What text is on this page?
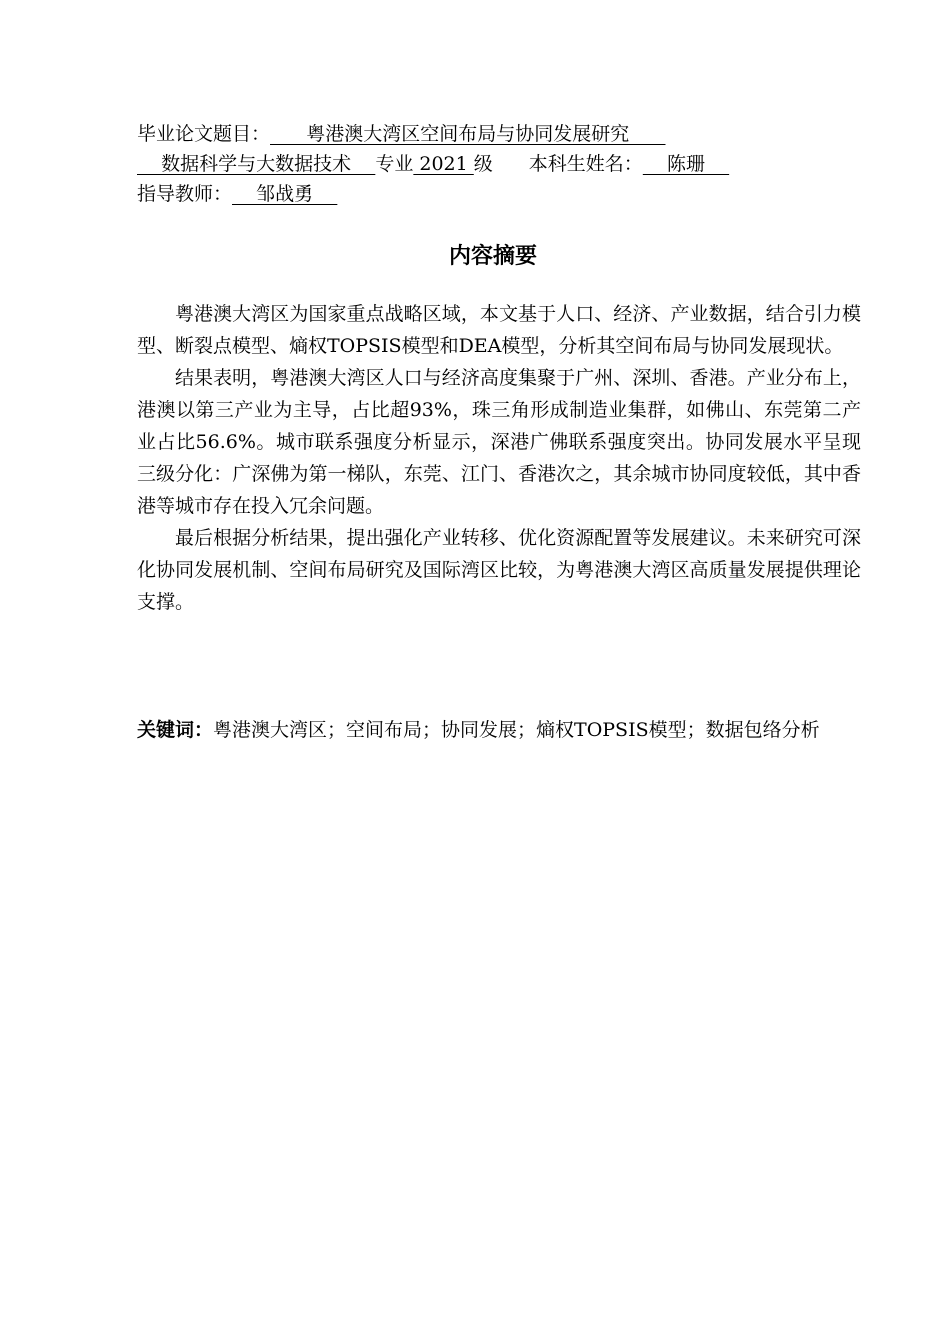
毕业论文题目：      粤港澳大湾区空间布局与协同发展研究
数据科学与大数据技术    专业 2021 级 本科生姓名：    陈珊
指导教师：    邹战勇
内容摘要

粤港澳大湾区为国家重点战略区域，本文基于人口、经济、产业数据，结合引力模型、断裂点模型、熵权TOPSIS模型和DEA模型，分析其空间布局与协同发展现状。

结果表明，粤港澳大湾区人口与经济高度集聚于广州、深圳、香港。产业分布上，港澳以第三产业为主导，占比超93%，珠三角形成制造业集群，如佛山、东莞第二产业占比56.6%。城市联系强度分析显示，深港广佛联系强度突出。协同发展水平呈现三级分化：广深佛为第一梯队，东莞、江门、香港次之，其余城市协同度较低，其中香港等城市存在投入冗余问题。

最后根据分析结果，提出强化产业转移、优化资源配置等发展建议。未来研究可深化协同发展机制、空间布局研究及国际湾区比较，为粤港澳大湾区高质量发展提供理论支撑。

关键词：粤港澳大湾区；空间布局；协同发展；熵权TOPSIS模型；数据包络分析
